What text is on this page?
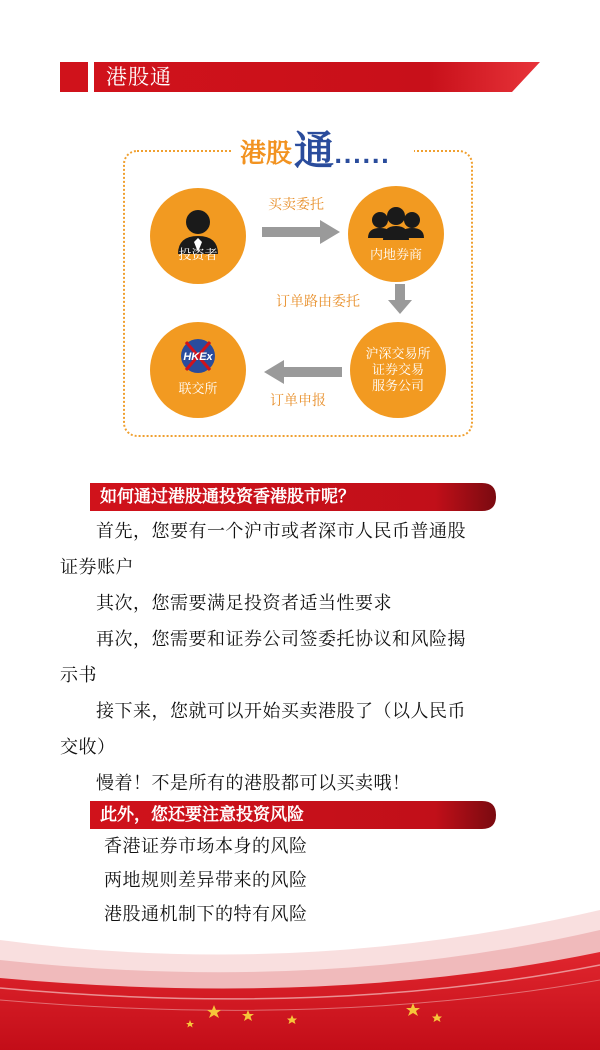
港股通
港股 通 ......
投资者	内地券商
HKEx
联交所
沪深交易所
证券交易
服务公司
买卖委托
订单路由委托
订单申报
如何通过港股通投资香港股市呢？
首先，您要有一个沪市或者深市人民币普通股
证券账户
其次，您需要满足投资者适当性要求
再次，您需要和证券公司签委托协议和风险揭
示书
接下来，您就可以开始买卖港股了（以人民币
交收）
慢着！不是所有的港股都可以买卖哦！
此外，您还要注意投资风险
香港证券市场本身的风险
两地规则差异带来的风险
港股通机制下的特有风险
